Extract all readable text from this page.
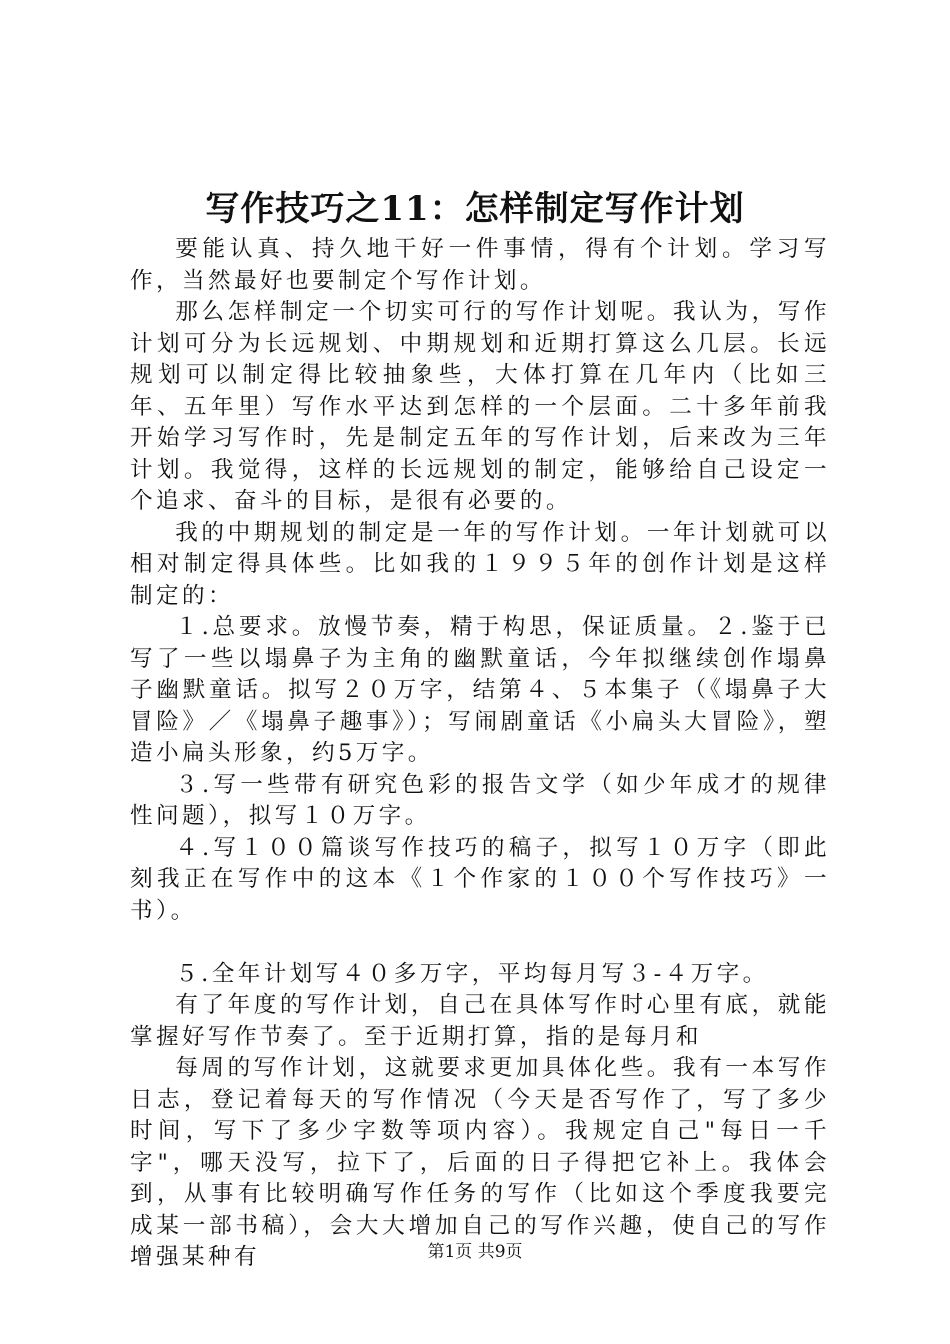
写作技巧之11：怎样制定写作计划

要能认真、持久地干好一件事情，得有个计划。学习写作，当然最好也要制定个写作计划。

那么怎样制定一个切实可行的写作计划呢。我认为，写作计划可分为长远规划、中期规划和近期打算这么几层。长远规划可以制定得比较抽象些，大体打算在几年内（比如三年、五年里）写作水平达到怎样的一个层面。二十多年前我开始学习写作时，先是制定五年的写作计划，后来改为三年计划。我觉得，这样的长远规划的制定，能够给自己设定一个追求、奋斗的目标，是很有必要的。

我的中期规划的制定是一年的写作计划。一年计划就可以相对制定得具体些。比如我的１９９５年的创作计划是这样制定的：

１.总要求。放慢节奏，精于构思，保证质量。２.鉴于已写了一些以塌鼻子为主角的幽默童话，今年拟继续创作塌鼻子幽默童话。拟写２０万字，结第４、５本集子（《塌鼻子大冒险》／《塌鼻子趣事》）；写闹剧童话《小扁头大冒险》，塑造小扁头形象，约5万字。

３.写一些带有研究色彩的报告文学（如少年成才的规律性问题），拟写１０万字。

４.写１００篇谈写作技巧的稿子，拟写１０万字（即此刻我正在写作中的这本《１个作家的１００个写作技巧》一书）。

５.全年计划写４０多万字，平均每月写３-４万字。

有了年度的写作计划，自己在具体写作时心里有底，就能掌握好写作节奏了。至于近期打算，指的是每月和

每周的写作计划，这就要求更加具体化些。我有一本写作日志，登记着每天的写作情况（今天是否写作了，写了多少时间，写下了多少字数等项内容）。我规定自己"每日一千字"，哪天没写，拉下了，后面的日子得把它补上。我体会到，从事有比较明确写作任务的写作（比如这个季度我要完成某一部书稿），会大大增加自己的写作兴趣，使自己的写作增强某种有	第1页 共9页
